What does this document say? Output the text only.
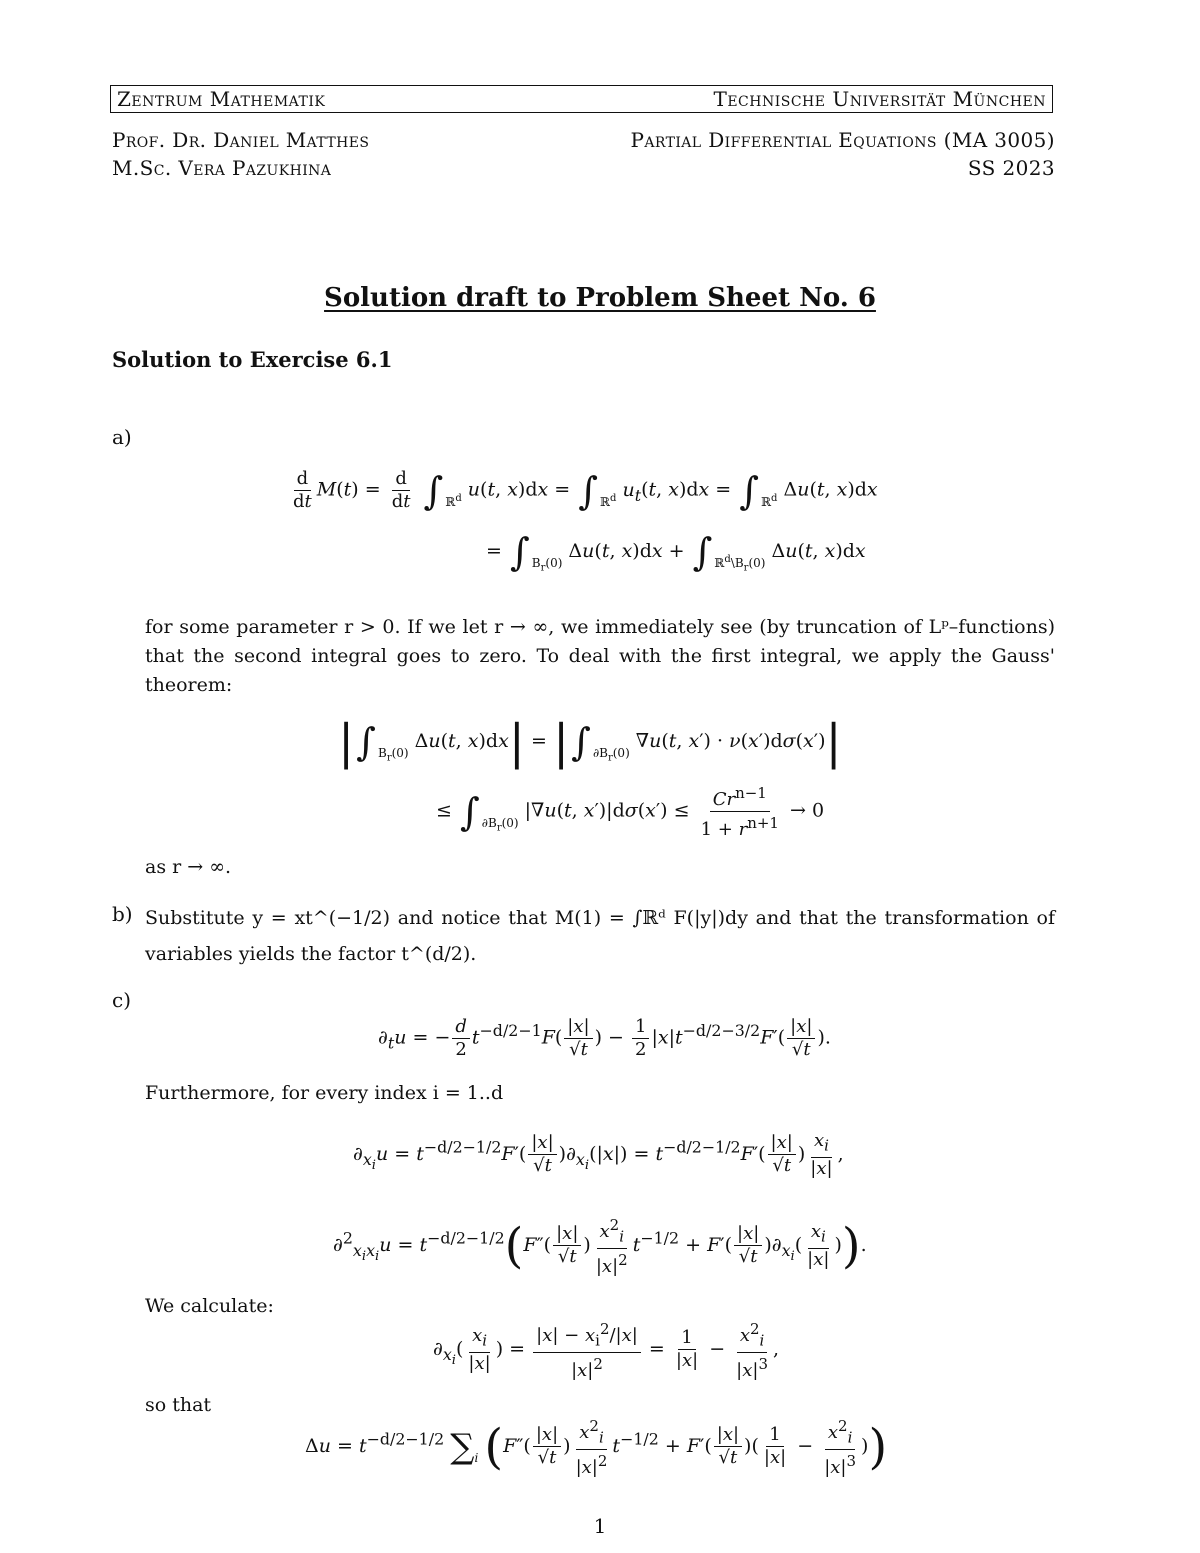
Zentrum Mathematik	Technische Universität München
Prof. Dr. Daniel Matthes	Partial Differential Equations (MA 3005)
M.Sc. Vera Pazukhina	SS 2023
Solution draft to Problem Sheet No. 6
Solution to Exercise 6.1
a)
$\frac{d}{dt} M(t) = \frac{d}{dt}$ ∫ $_{ℝ^d}$ u(t, x)dx = ∫ $_{ℝ^d}$ $u_t(t$, x)dx = ∫ $_{ℝ^d}$ Δu(t, x)dx
= ∫ $_{B_r(0)}$ Δu(t, x)dx + ∫ $_{ℝ^d\backslash B_r(0)}$ Δu(t, x)dx
for some parameter r > 0. If we let r → ∞, we immediately see (by truncation of Lᵖ–functions) that the second integral goes to zero. To deal with the first integral, we apply the Gauss' theorem:
|∫ $_{B_r(0)}$ Δu(t, x)dx| = |∫ $_{\partial B_r(0)}$ ∇u(t, x′) · ν(x′)dσ(x′)|
≤ ∫ $_{\partial B_r(0)}$ |∇u(t, $x')|d\sigma(x') \le \frac{Cr^{n-1}}{1 + r^{n+1}} \to 0$
as r → ∞.
b) Substitute y = xt^(−1/2) and notice that M(1) = ∫ℝᵈ F(|y|)dy and that the transformation of variables yields the factor t^(d/2).
c)
$\partial_tu$ = − $\frac{d}{2} t^{-d/2-1}F( \frac{|x|}{√t}$ ) − $\frac{1}{2} |x|t^{-d/2-3/2}F'( \frac{|x|}{√t}$ ).
Furthermore, for every index i = 1..d
$\partial_{x_i}u = t^{-d/2-1/2}F'( \frac{|x|}{√t} )\partial_{x_i}(|x|) = t^{-d/2-1/2}F'( \frac{|x|}{√t}$ ) $\frac{x_i}{|x|}$ ,
$\partial^2_{x_ix_i}u = t^{-d/2-1/2}(F''( \frac{|x|}{√t}$ ) $\frac{x^2_i}{|x|^2} t^{-1/2} + F'( \frac{|x|}{√t} )\partial_{x_i}( \frac{x_i}{|x|}$ )).
We calculate:
$\partial_{x_i}( \frac{x_i}{|x|}$ ) = $\frac{|x| - x_i^2/|x|}{|x|^2} = \frac{1}{|x|} - \frac{x^2_i}{|x|^3}$ ,
so that
$\Delta u = t^{-d/2-1/2}$ $\sum_i$ ($F''( \frac{|x|}{√t}$ ) $\frac{x^2_i}{|x|^2} t^{-1/2} + F'( \frac{|x|}{√t}$ )( $\frac{1}{|x|} - \frac{x^2_i}{|x|^3}$ ))
1
